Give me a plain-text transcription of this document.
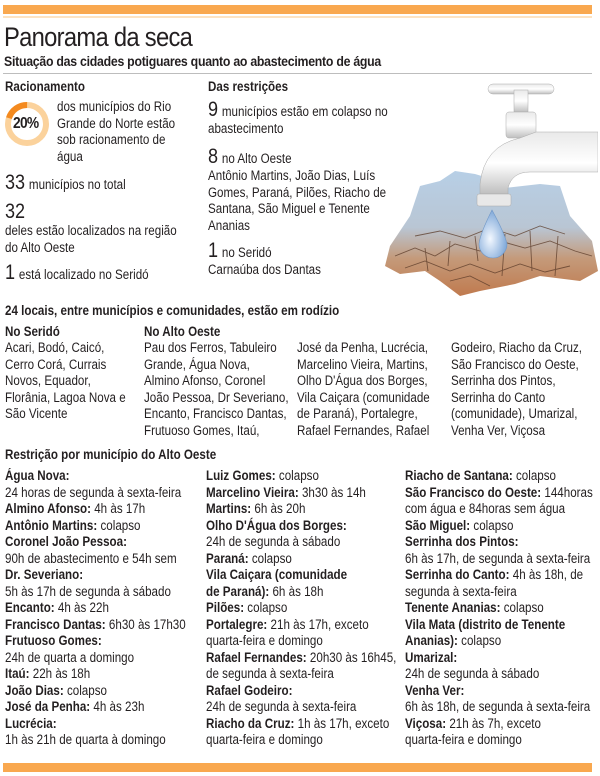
Panorama da seca
Situação das cidades potiguares quanto ao abastecimento de água
Racionamento
20%
dos municípios do Rio
Grande do Norte estão
sob racionamento de
água
33 municípios no total
32
deles estão localizados na região
do Alto Oeste
1 está localizado no Seridó
Das restrições
9 municípios estão em colapso no
abastecimento
8 no Alto Oeste
Antônio Martins, João Dias, Luís
Gomes, Paraná, Pilões, Riacho de
Santana, São Miguel e Tenente
Ananias
1 no Seridó
Carnaúba dos Dantas
24 locais, entre municípios e comunidades, estão em rodízio
No Seridó
Acari, Bodó, Caicó,
Cerro Corá, Currais
Novos, Equador,
Florânia, Lagoa Nova e
São Vicente
No Alto Oeste
Pau dos Ferros, Tabuleiro
Grande, Água Nova,
Almino Afonso, Coronel
João Pessoa, Dr Severiano,
Encanto, Francisco Dantas,
Frutuoso Gomes, Itaú,
José da Penha, Lucrécia,
Marcelino Vieira, Martins,
Olho D'Água dos Borges,
Vila Caiçara (comunidade
de Paraná), Portalegre,
Rafael Fernandes, Rafael
Godeiro, Riacho da Cruz,
São Francisco do Oeste,
Serrinha dos Pintos,
Serrinha do Canto
(comunidade), Umarizal,
Venha Ver, Viçosa
Restrição por município do Alto Oeste
Água Nova:
24 horas de segunda à sexta-feira
Almino Afonso: 4h às 17h
Antônio Martins: colapso
Coronel João Pessoa:
90h de abastecimento e 54h sem
Dr. Severiano:
5h às 17h de segunda à sábado
Encanto: 4h às 22h
Francisco Dantas: 6h30 às 17h30
Frutuoso Gomes:
24h de quarta a domingo
Itaú: 22h às 18h
João Dias: colapso
José da Penha: 4h às 23h
Lucrécia:
1h às 21h de quarta à domingo
Luiz Gomes: colapso
Marcelino Vieira: 3h30 às 14h
Martins: 6h às 20h
Olho D'Água dos Borges:
24h de segunda à sábado
Paraná: colapso
Vila Caiçara (comunidade
de Paraná): 6h às 18h
Pilões: colapso
Portalegre: 21h às 17h, exceto
quarta-feira e domingo
Rafael Fernandes: 20h30 às 16h45,
de segunda à sexta-feira
Rafael Godeiro:
24h de segunda à sexta-feira
Riacho da Cruz: 1h às 17h, exceto
quarta-feira e domingo
Riacho de Santana: colapso
São Francisco do Oeste: 144horas
com água e 84horas sem água
São Miguel: colapso
Serrinha dos Pintos:
6h às 17h, de segunda à sexta-feira
Serrinha do Canto: 4h às 18h, de
segunda à sexta-feira
Tenente Ananias: colapso
Vila Mata (distrito de Tenente
Ananias): colapso
Umarizal:
24h de segunda à sábado
Venha Ver:
6h às 18h, de segunda à sexta-feira
Viçosa: 21h às 7h, exceto
quarta-feira e domingo
